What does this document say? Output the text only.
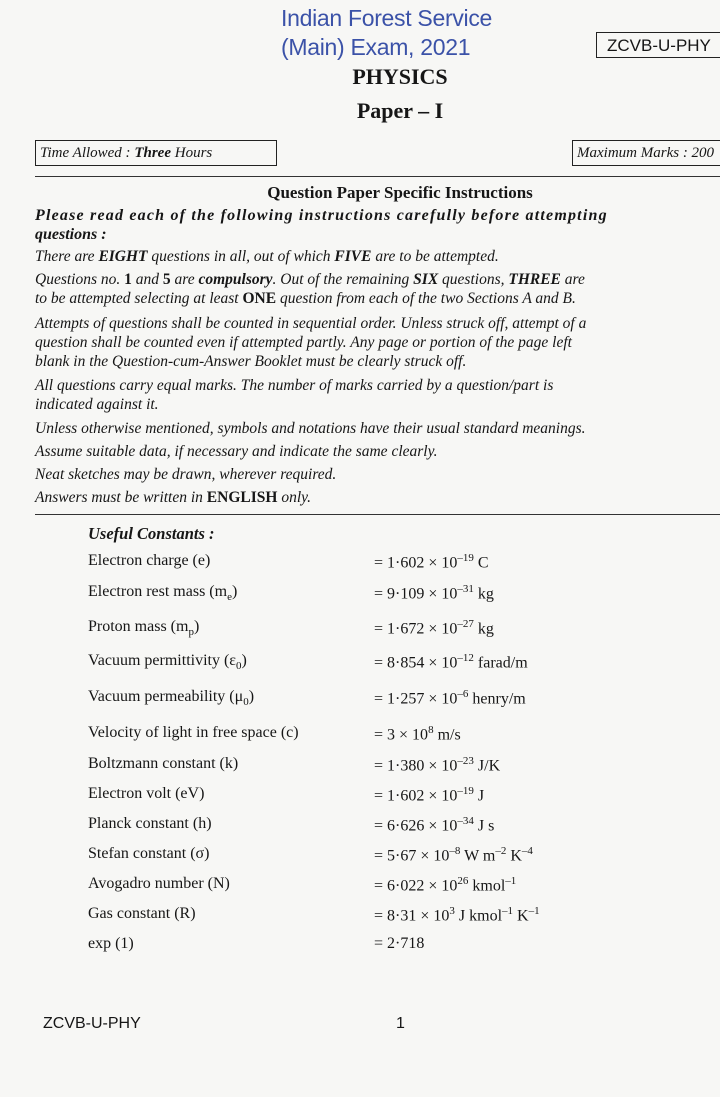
Indian Forest Service
(Main) Exam, 2021	ZCVB-U-PHY
PHYSICS
Paper – I
Time Allowed : Three Hours	Maximum Marks : 200
Question Paper Specific Instructions
Please read each of the following instructions carefully before attempting
questions :
There are EIGHT questions in all, out of which FIVE are to be attempted.
Questions no. 1 and 5 are compulsory. Out of the remaining SIX questions, THREE are
to be attempted selecting at least ONE question from each of the two Sections A and B.
Attempts of questions shall be counted in sequential order. Unless struck off, attempt of a
question shall be counted even if attempted partly. Any page or portion of the page left
blank in the Question-cum-Answer Booklet must be clearly struck off.
All questions carry equal marks. The number of marks carried by a question/part is
indicated against it.
Unless otherwise mentioned, symbols and notations have their usual standard meanings.
Assume suitable data, if necessary and indicate the same clearly.
Neat sketches may be drawn, wherever required.
Answers must be written in ENGLISH only.
Useful Constants :
Electron charge (e)	= $1\cdot 602 \times 10^{-19}$ C
Electron rest mass $(m_e)$	= $9\cdot 109 \times 10^{-31}$ kg
Proton mass $(m_p)$	= $1\cdot 672 \times 10^{-27}$ kg
Vacuum permittivity $(\varepsilon_0)$	= $8\cdot 854 \times 10^{-12}$ farad/m
Vacuum permeability $(\mu_0)$	= $1\cdot 257 \times 10^{-6}$ henry/m
Velocity of light in free space (c)	= $3 \times 10^8$ m/s
Boltzmann constant (k)	= $1\cdot 380 \times 10^{-23}$ J/K
Electron volt (eV)	= $1\cdot 602 \times 10^{-19}$ J
Planck constant (h)	= $6\cdot 626 \times 10^{-34}$ J s
Stefan constant (σ)	= $5\cdot 67 \times 10^{-8}$ W $m^{-2}$ $K^{-4}$
Avogadro number (N)	= $6\cdot 022 \times 10^{26}$ kmol$^{-1}$
Gas constant (R)	= $8\cdot 31 \times 10^3$ J kmol$^{-1}$ $K^{-1}$
exp (1)	= 2·718
ZCVB-U-PHY	1
